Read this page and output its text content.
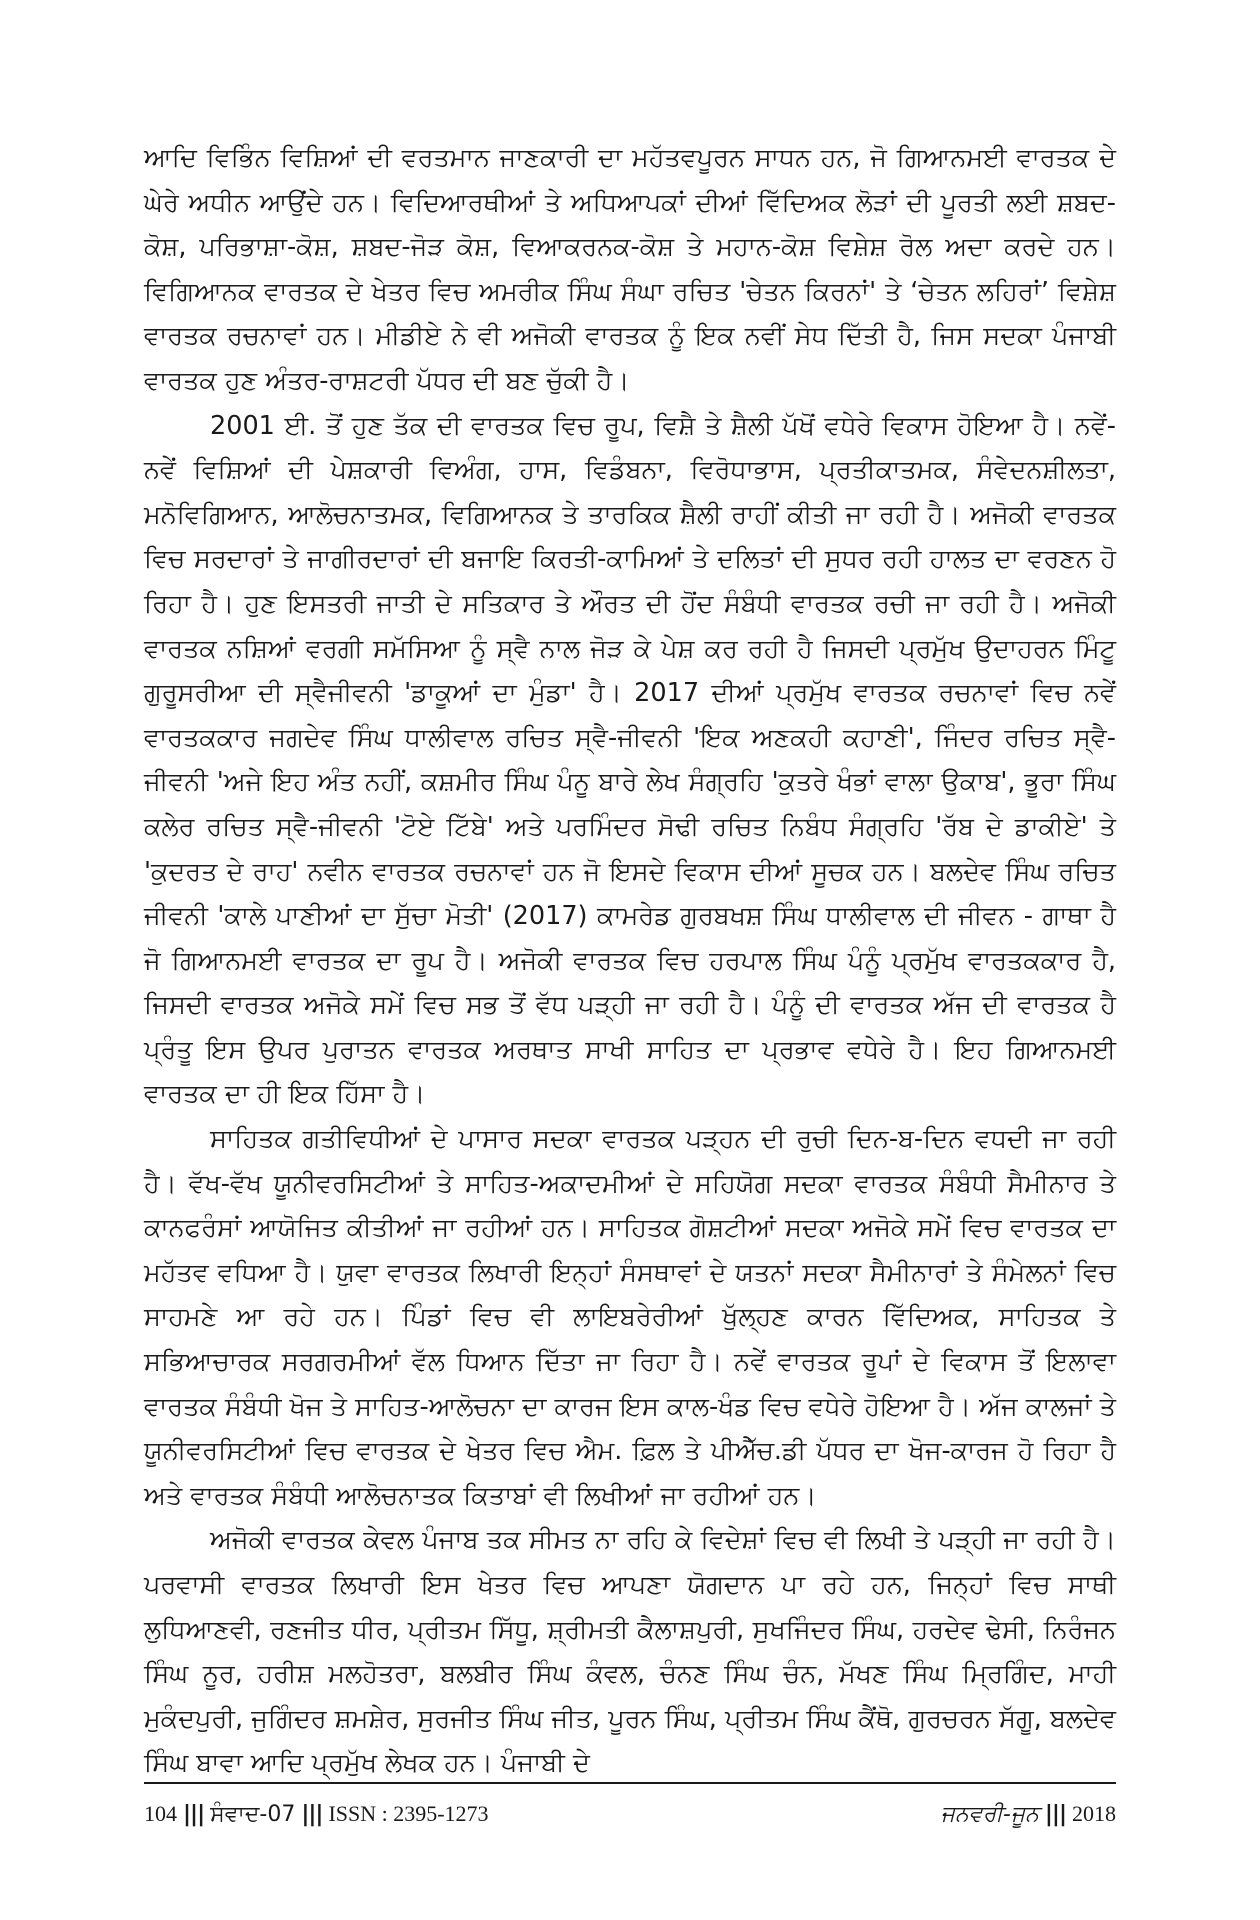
ਆਦਿ ਵਿਭਿੰਨ ਵਿਸ਼ਿਆਂ ਦੀ ਵਰਤਮਾਨ ਜਾਣਕਾਰੀ ਦਾ ਮਹੱਤਵਪੂਰਨ ਸਾਧਨ ਹਨ, ਜੋ ਗਿਆਨਮਈ ਵਾਰਤਕ ਦੇ ਘੇਰੇ ਅਧੀਨ ਆਉਂਦੇ ਹਨ। ਵਿਦਿਆਰਥੀਆਂ ਤੇ ਅਧਿਆਪਕਾਂ ਦੀਆਂ ਵਿੱਦਿਅਕ ਲੋੜਾਂ ਦੀ ਪੂਰਤੀ ਲਈ ਸ਼ਬਦ-ਕੋਸ਼, ਪਰਿਭਾਸ਼ਾ-ਕੋਸ਼, ਸ਼ਬਦ-ਜੋੜ ਕੋਸ਼, ਵਿਆਕਰਨਕ-ਕੋਸ਼ ਤੇ ਮਹਾਨ-ਕੋਸ਼ ਵਿਸ਼ੇਸ਼ ਰੋਲ ਅਦਾ ਕਰਦੇ ਹਨ। ਵਿਗਿਆਨਕ ਵਾਰਤਕ ਦੇ ਖੇਤਰ ਵਿਚ ਅਮਰੀਕ ਸਿੰਘ ਸੰਘਾ ਰਚਿਤ 'ਚੇਤਨ ਕਿਰਨਾਂ' ਤੇ ‘ਚੇਤਨ ਲਹਿਰਾਂ’ ਵਿਸ਼ੇਸ਼ ਵਾਰਤਕ ਰਚਨਾਵਾਂ ਹਨ। ਮੀਡੀਏ ਨੇ ਵੀ ਅਜੋਕੀ ਵਾਰਤਕ ਨੂੰ ਇਕ ਨਵੀਂ ਸੇਧ ਦਿੱਤੀ ਹੈ, ਜਿਸ ਸਦਕਾ ਪੰਜਾਬੀ ਵਾਰਤਕ ਹੁਣ ਅੰਤਰ-ਰਾਸ਼ਟਰੀ ਪੱਧਰ ਦੀ ਬਣ ਚੁੱਕੀ ਹੈ।

2001 ਈ. ਤੋਂ ਹੁਣ ਤੱਕ ਦੀ ਵਾਰਤਕ ਵਿਚ ਰੂਪ, ਵਿਸ਼ੈ ਤੇ ਸ਼ੈਲੀ ਪੱਖੋਂ ਵਧੇਰੇ ਵਿਕਾਸ ਹੋਇਆ ਹੈ। ਨਵੇਂ-ਨਵੇਂ ਵਿਸ਼ਿਆਂ ਦੀ ਪੇਸ਼ਕਾਰੀ ਵਿਅੰਗ, ਹਾਸ, ਵਿਡੰਬਨਾ, ਵਿਰੋਧਾਭਾਸ, ਪ੍ਰਤੀਕਾਤਮਕ, ਸੰਵੇਦਨਸ਼ੀਲਤਾ, ਮਨੋਵਿਗਿਆਨ, ਆਲੋਚਨਾਤਮਕ, ਵਿਗਿਆਨਕ ਤੇ ਤਾਰਕਿਕ ਸ਼ੈਲੀ ਰਾਹੀਂ ਕੀਤੀ ਜਾ ਰਹੀ ਹੈ। ਅਜੋਕੀ ਵਾਰਤਕ ਵਿਚ ਸਰਦਾਰਾਂ ਤੇ ਜਾਗੀਰਦਾਰਾਂ ਦੀ ਬਜਾਇ ਕਿਰਤੀ-ਕਾਮਿਆਂ ਤੇ ਦਲਿਤਾਂ ਦੀ ਸੁਧਰ ਰਹੀ ਹਾਲਤ ਦਾ ਵਰਣਨ ਹੋ ਰਿਹਾ ਹੈ। ਹੁਣ ਇਸਤਰੀ ਜਾਤੀ ਦੇ ਸਤਿਕਾਰ ਤੇ ਔਰਤ ਦੀ ਹੋਂਦ ਸੰਬੰਧੀ ਵਾਰਤਕ ਰਚੀ ਜਾ ਰਹੀ ਹੈ। ਅਜੋਕੀ ਵਾਰਤਕ ਨਸ਼ਿਆਂ ਵਰਗੀ ਸਮੱਸਿਆ ਨੂੰ ਸ੍ਵੈ ਨਾਲ ਜੋੜ ਕੇ ਪੇਸ਼ ਕਰ ਰਹੀ ਹੈ ਜਿਸਦੀ ਪ੍ਰਮੁੱਖ ਉਦਾਹਰਨ ਮਿੰਟੂ ਗੁਰੂਸਰੀਆ ਦੀ ਸ੍ਵੈਜੀਵਨੀ 'ਡਾਕੂਆਂ ਦਾ ਮੁੰਡਾ' ਹੈ। 2017 ਦੀਆਂ ਪ੍ਰਮੁੱਖ ਵਾਰਤਕ ਰਚਨਾਵਾਂ ਵਿਚ ਨਵੇਂ ਵਾਰਤਕਕਾਰ ਜਗਦੇਵ ਸਿੰਘ ਧਾਲੀਵਾਲ ਰਚਿਤ ਸ੍ਵੈ-ਜੀਵਨੀ 'ਇਕ ਅਣਕਹੀ ਕਹਾਣੀ', ਜਿੰਦਰ ਰਚਿਤ ਸ੍ਵੈ-ਜੀਵਨੀ 'ਅਜੇ ਇਹ ਅੰਤ ਨਹੀਂ, ਕਸ਼ਮੀਰ ਸਿੰਘ ਪੰਨੂ ਬਾਰੇ ਲੇਖ ਸੰਗ੍ਰਹਿ 'ਕੁਤਰੇ ਖੰਭਾਂ ਵਾਲਾ ਉਕਾਬ', ਭੂਰਾ ਸਿੰਘ ਕਲੇਰ ਰਚਿਤ ਸ੍ਵੈ-ਜੀਵਨੀ 'ਟੋਏ ਟਿੱਬੇ' ਅਤੇ ਪਰਮਿੰਦਰ ਸੋਢੀ ਰਚਿਤ ਨਿਬੰਧ ਸੰਗ੍ਰਹਿ 'ਰੱਬ ਦੇ ਡਾਕੀਏ' ਤੇ 'ਕੁਦਰਤ ਦੇ ਰਾਹ' ਨਵੀਨ ਵਾਰਤਕ ਰਚਨਾਵਾਂ ਹਨ ਜੋ ਇਸਦੇ ਵਿਕਾਸ ਦੀਆਂ ਸੂਚਕ ਹਨ। ਬਲਦੇਵ ਸਿੰਘ ਰਚਿਤ ਜੀਵਨੀ 'ਕਾਲੇ ਪਾਣੀਆਂ ਦਾ ਸੁੱਚਾ ਮੋਤੀ' (2017) ਕਾਮਰੇਡ ਗੁਰਬਖਸ਼ ਸਿੰਘ ਧਾਲੀਵਾਲ ਦੀ ਜੀਵਨ - ਗਾਥਾ ਹੈ ਜੋ ਗਿਆਨਮਈ ਵਾਰਤਕ ਦਾ ਰੂਪ ਹੈ। ਅਜੋਕੀ ਵਾਰਤਕ ਵਿਚ ਹਰਪਾਲ ਸਿੰਘ ਪੰਨੂੰ ਪ੍ਰਮੁੱਖ ਵਾਰਤਕਕਾਰ ਹੈ, ਜਿਸਦੀ ਵਾਰਤਕ ਅਜੋਕੇ ਸਮੇਂ ਵਿਚ ਸਭ ਤੋਂ ਵੱਧ ਪੜ੍ਹੀ ਜਾ ਰਹੀ ਹੈ। ਪੰਨੂੰ ਦੀ ਵਾਰਤਕ ਅੱਜ ਦੀ ਵਾਰਤਕ ਹੈ ਪ੍ਰੰਤੂ ਇਸ ਉਪਰ ਪੁਰਾਤਨ ਵਾਰਤਕ ਅਰਥਾਤ ਸਾਖੀ ਸਾਹਿਤ ਦਾ ਪ੍ਰਭਾਵ ਵਧੇਰੇ ਹੈ। ਇਹ ਗਿਆਨਮਈ ਵਾਰਤਕ ਦਾ ਹੀ ਇਕ ਹਿੱਸਾ ਹੈ।

ਸਾਹਿਤਕ ਗਤੀਵਿਧੀਆਂ ਦੇ ਪਾਸਾਰ ਸਦਕਾ ਵਾਰਤਕ ਪੜ੍ਹਨ ਦੀ ਰੁਚੀ ਦਿਨ-ਬ-ਦਿਨ ਵਧਦੀ ਜਾ ਰਹੀ ਹੈ। ਵੱਖ-ਵੱਖ ਯੂਨੀਵਰਸਿਟੀਆਂ ਤੇ ਸਾਹਿਤ-ਅਕਾਦਮੀਆਂ ਦੇ ਸਹਿਯੋਗ ਸਦਕਾ ਵਾਰਤਕ ਸੰਬੰਧੀ ਸੈਮੀਨਾਰ ਤੇ ਕਾਨਫਰੰਸਾਂ ਆਯੋਜਿਤ ਕੀਤੀਆਂ ਜਾ ਰਹੀਆਂ ਹਨ। ਸਾਹਿਤਕ ਗੋਸ਼ਟੀਆਂ ਸਦਕਾ ਅਜੋਕੇ ਸਮੇਂ ਵਿਚ ਵਾਰਤਕ ਦਾ ਮਹੱਤਵ ਵਧਿਆ ਹੈ। ਯੁਵਾ ਵਾਰਤਕ ਲਿਖਾਰੀ ਇਨ੍ਹਾਂ ਸੰਸਥਾਵਾਂ ਦੇ ਯਤਨਾਂ ਸਦਕਾ ਸੈਮੀਨਾਰਾਂ ਤੇ ਸੰਮੇਲਨਾਂ ਵਿਚ ਸਾਹਮਣੇ ਆ ਰਹੇ ਹਨ। ਪਿੰਡਾਂ ਵਿਚ ਵੀ ਲਾਇਬਰੇਰੀਆਂ ਖੁੱਲ੍ਹਣ ਕਾਰਨ ਵਿੱਦਿਅਕ, ਸਾਹਿਤਕ ਤੇ ਸਭਿਆਚਾਰਕ ਸਰਗਰਮੀਆਂ ਵੱਲ ਧਿਆਨ ਦਿੱਤਾ ਜਾ ਰਿਹਾ ਹੈ। ਨਵੇਂ ਵਾਰਤਕ ਰੂਪਾਂ ਦੇ ਵਿਕਾਸ ਤੋਂ ਇਲਾਵਾ ਵਾਰਤਕ ਸੰਬੰਧੀ ਖੋਜ ਤੇ ਸਾਹਿਤ-ਆਲੋਚਨਾ ਦਾ ਕਾਰਜ ਇਸ ਕਾਲ-ਖੰਡ ਵਿਚ ਵਧੇਰੇ ਹੋਇਆ ਹੈ। ਅੱਜ ਕਾਲਜਾਂ ਤੇ ਯੂਨੀਵਰਸਿਟੀਆਂ ਵਿਚ ਵਾਰਤਕ ਦੇ ਖੇਤਰ ਵਿਚ ਐਮ. ਫ਼ਿਲ ਤੇ ਪੀਐੱਚ.ਡੀ ਪੱਧਰ ਦਾ ਖੋਜ-ਕਾਰਜ ਹੋ ਰਿਹਾ ਹੈ ਅਤੇ ਵਾਰਤਕ ਸੰਬੰਧੀ ਆਲੋਚਨਾਤਕ ਕਿਤਾਬਾਂ ਵੀ ਲਿਖੀਆਂ ਜਾ ਰਹੀਆਂ ਹਨ।

ਅਜੋਕੀ ਵਾਰਤਕ ਕੇਵਲ ਪੰਜਾਬ ਤਕ ਸੀਮਤ ਨਾ ਰਹਿ ਕੇ ਵਿਦੇਸ਼ਾਂ ਵਿਚ ਵੀ ਲਿਖੀ ਤੇ ਪੜ੍ਹੀ ਜਾ ਰਹੀ ਹੈ। ਪਰਵਾਸੀ ਵਾਰਤਕ ਲਿਖਾਰੀ ਇਸ ਖੇਤਰ ਵਿਚ ਆਪਣਾ ਯੋਗਦਾਨ ਪਾ ਰਹੇ ਹਨ, ਜਿਨ੍ਹਾਂ ਵਿਚ ਸਾਥੀ ਲੁਧਿਆਣਵੀ, ਰਣਜੀਤ ਧੀਰ, ਪ੍ਰੀਤਮ ਸਿੱਧੂ, ਸ਼੍ਰੀਮਤੀ ਕੈਲਾਸ਼ਪੁਰੀ, ਸੁਖਜਿੰਦਰ ਸਿੰਘ, ਹਰਦੇਵ ਢੇਸੀ, ਨਿਰੰਜਨ ਸਿੰਘ ਨੂਰ, ਹਰੀਸ਼ ਮਲਹੋਤਰਾ, ਬਲਬੀਰ ਸਿੰਘ ਕੰਵਲ, ਚੰਨਣ ਸਿੰਘ ਚੰਨ, ਮੱਖਣ ਸਿੰਘ ਮ੍ਰਿਗਿੰਦ, ਮਾਹੀ ਮੁਕੰਦਪੁਰੀ, ਜੁਗਿੰਦਰ ਸ਼ਮਸ਼ੇਰ, ਸੁਰਜੀਤ ਸਿੰਘ ਜੀਤ, ਪੂਰਨ ਸਿੰਘ, ਪ੍ਰੀਤਮ ਸਿੰਘ ਕੈਂਥੋ, ਗੁਰਚਰਨ ਸੱਗੂ, ਬਲਦੇਵ ਸਿੰਘ ਬਾਵਾ ਆਦਿ ਪ੍ਰਮੁੱਖ ਲੇਖਕ ਹਨ। ਪੰਜਾਬੀ ਦੇ

104 ||| ਸੰਵਾਦ-07 ||| ISSN : 2395-1273	ਜਨਵਰੀ-ਜੂਨ ||| 2018
